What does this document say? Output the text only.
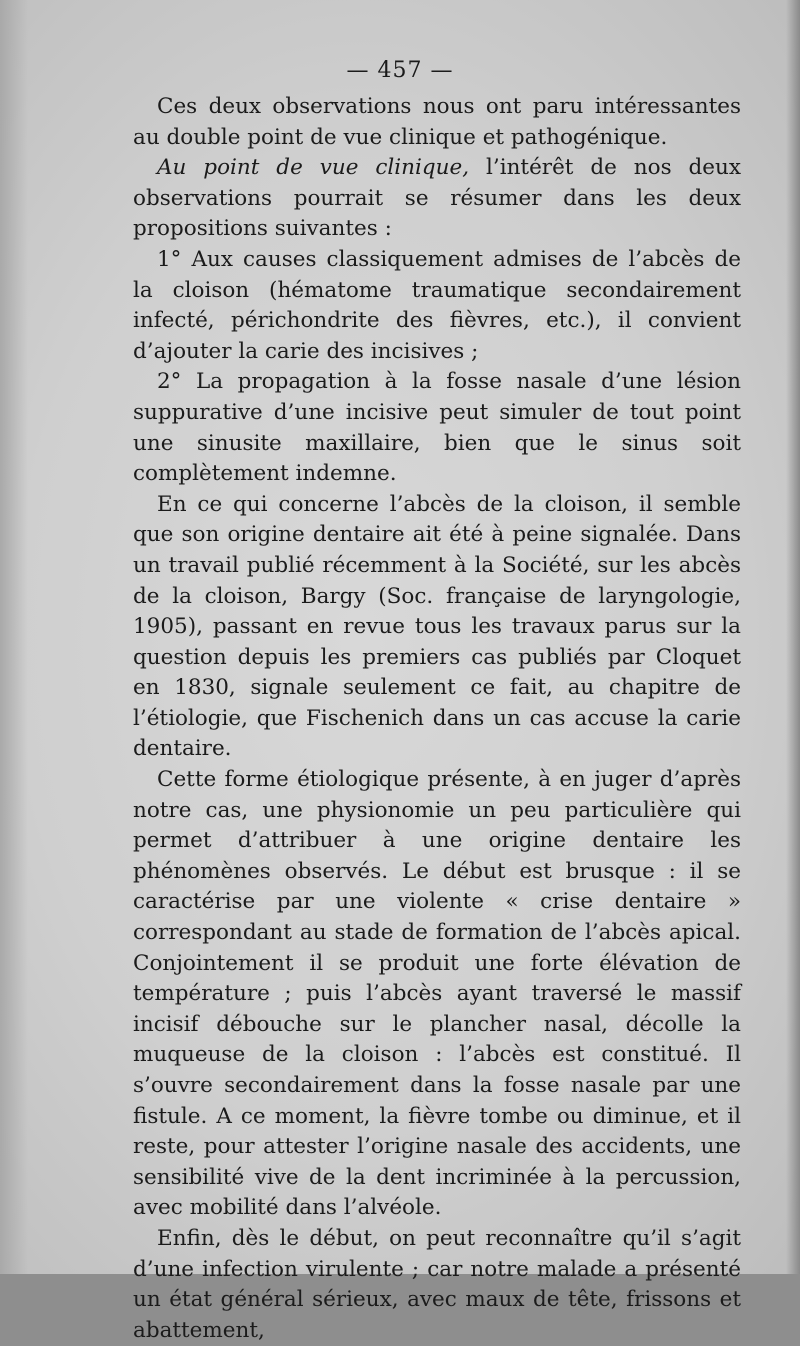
— 457 —

Ces deux observations nous ont paru intéressantes au double point de vue clinique et pathogénique.

Au point de vue clinique, l’intérêt de nos deux observations pourrait se résumer dans les deux propositions suivantes :

1° Aux causes classiquement admises de l’abcès de la cloison (hématome traumatique secondairement infecté, périchondrite des fièvres, etc.), il convient d’ajouter la carie des incisives ;

2° La propagation à la fosse nasale d’une lésion suppurative d’une incisive peut simuler de tout point une sinusite maxillaire, bien que le sinus soit complètement indemne.

En ce qui concerne l’abcès de la cloison, il semble que son origine dentaire ait été à peine signalée. Dans un travail publié récemment à la Société, sur les abcès de la cloison, Bargy (Soc. française de laryngologie, 1905), passant en revue tous les travaux parus sur la question depuis les premiers cas publiés par Cloquet en 1830, signale seulement ce fait, au chapitre de l’étiologie, que Fischenich dans un cas accuse la carie dentaire.

Cette forme étiologique présente, à en juger d’après notre cas, une physionomie un peu particulière qui permet d’attribuer à une origine dentaire les phénomènes observés. Le début est brusque : il se caractérise par une violente « crise dentaire » correspondant au stade de formation de l’abcès apical. Conjointement il se produit une forte élévation de température ; puis l’abcès ayant traversé le massif incisif débouche sur le plancher nasal, décolle la muqueuse de la cloison : l’abcès est constitué. Il s’ouvre secondairement dans la fosse nasale par une fistule. A ce moment, la fièvre tombe ou diminue, et il reste, pour attester l’origine nasale des accidents, une sensibilité vive de la dent incriminée à la percussion, avec mobilité dans l’alvéole.

Enfin, dès le début, on peut reconnaître qu’il s’agit d’une infection virulente ; car notre malade a présenté un état général sérieux, avec maux de tête, frissons et abattement,
